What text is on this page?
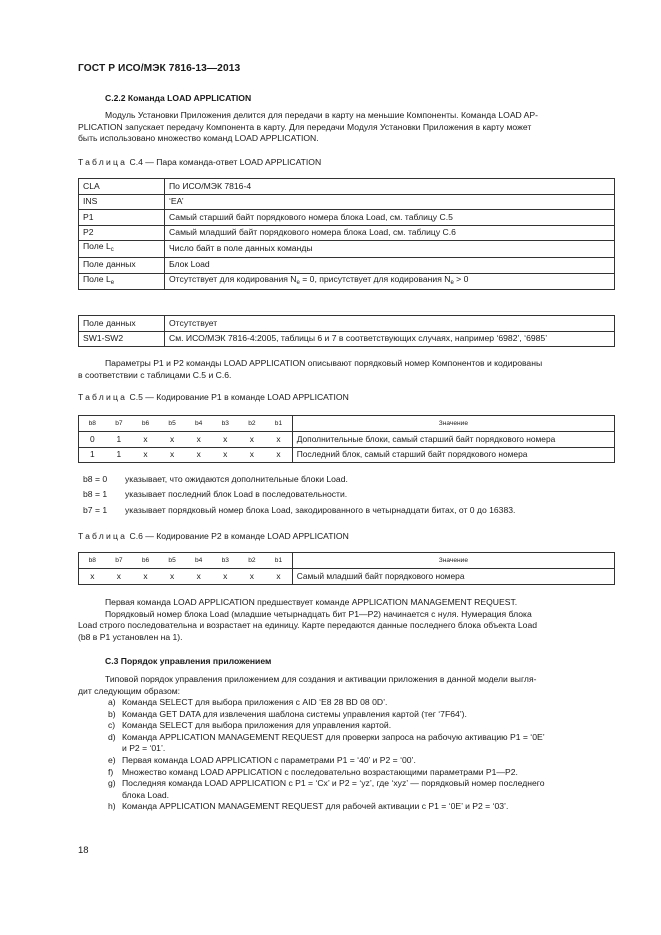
ГОСТ Р ИСО/МЭК 7816-13—2013
C.2.2 Команда LOAD APPLICATION
Модуль Установки Приложения делится для передачи в карту на меньшие Компоненты. Команда LOAD AP-
PLICATION запускает передачу Компонента в карту. Для передачи Модуля Установки Приложения в карту может
быть использовано множество команд LOAD APPLICATION.
Таблица C.4 — Пара команда-ответ LOAD APPLICATION
CLA	По ИСО/МЭК 7816-4
INS	‘EA’
P1	Самый старший байт порядкового номера блока Load, см. таблицу C.5
P2	Самый младший байт порядкового номера блока Load, см. таблицу C.6
Поле $L_c$	Число байт в поле данных команды
Поле данных	Блок Load
Поле $L_e$	Отсутствует для кодирования $N_e = 0$, присутствует для кодирования $N_e > 0$
Поле данных	Отсутствует
SW1-SW2	См. ИСО/МЭК 7816-4:2005, таблицы 6 и 7 в соответствующих случаях, например ‘6982’, ‘6985’
Параметры P1 и P2 команды LOAD APPLICATION описывают порядковый номер Компонентов и кодированы
в соответствии с таблицами C.5 и C.6.
Таблица C.5 — Кодирование P1 в команде LOAD APPLICATION
b8	b7	b6	b5	b4	b3	b2	b1	Значение
0	1	x	x	x	x	x	x	Дополнительные блоки, самый старший байт порядкового номера
1	1	x	x	x	x	x	x	Последний блок, самый старший байт порядкового номера
b8 = 0 указывает, что ожидаются дополнительные блоки Load.
b8 = 1 указывает последний блок Load в последовательности.
b7 = 1 указывает порядковый номер блока Load, закодированного в четырнадцати битах, от 0 до 16383.
Таблица C.6 — Кодирование P2 в команде LOAD APPLICATION
b8	b7	b6	b5	b4	b3	b2	b1	Значение
x	x	x	x	x	x	x	x	Самый младший байт порядкового номера
Первая команда LOAD APPLICATION предшествует команде APPLICATION MANAGEMENT REQUEST.
Порядковый номер блока Load (младшие четырнадцать бит P1—P2) начинается с нуля. Нумерация блока
Load строго последовательна и возрастает на единицу. Карте передаются данные последнего блока объекта Load
(b8 в P1 установлен на 1).
C.3 Порядок управления приложением
Типовой порядок управления приложением для создания и активации приложения в данной модели выгля-
дит следующим образом:
a) Команда SELECT для выбора приложения с AID ‘E8 28 BD 08 0D’.
b) Команда GET DATA для извлечения шаблона системы управления картой (тег ‘7F64’).
c) Команда SELECT для выбора приложения для управления картой.
d) Команда APPLICATION MANAGEMENT REQUEST для проверки запроса на рабочую активацию P1 = ‘0E’
и P2 = ‘01’.
e) Первая команда LOAD APPLICATION с параметрами P1 = ‘40’ и P2 = ‘00’.
f)	Множество команд LOAD APPLICATION с последовательно возрастающими параметрами P1—P2.
g) Последняя команда LOAD APPLICATION с P1 = ‘Cx’ и P2 = ‘yz’, где ‘xyz’ — порядковый номер последнего
блока Load.
h) Команда APPLICATION MANAGEMENT REQUEST для рабочей активации с P1 = ‘0E’ и P2 = ‘03’.
18
